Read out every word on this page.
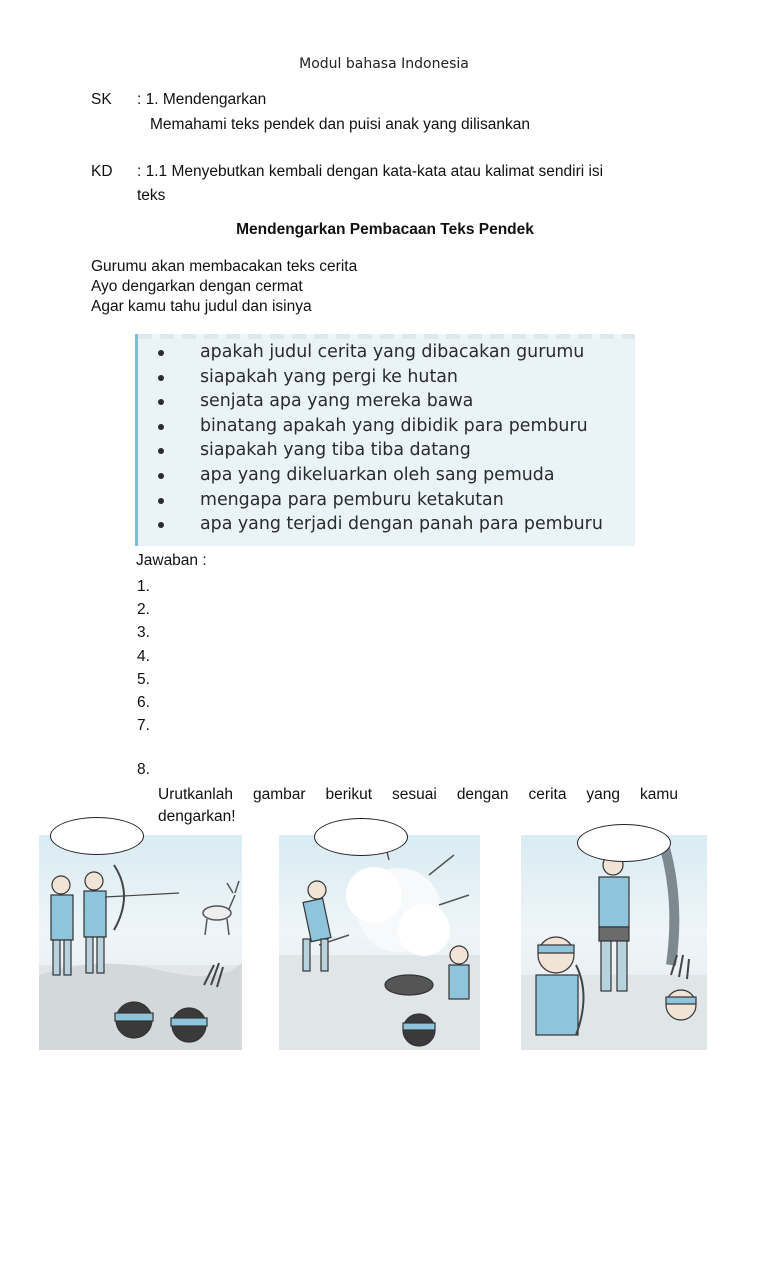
Modul bahasa Indonesia
SK : 1. Mendengarkan
Memahami teks pendek dan puisi anak yang dilisankan
KD : 1.1 Menyebutkan kembali dengan kata-kata atau kalimat sendiri isi
teks
Mendengarkan Pembacaan Teks Pendek
Gurumu akan membacakan teks cerita
Ayo dengarkan dengan cermat
Agar kamu tahu judul dan isinya
apakah judul cerita yang dibacakan gurumu
siapakah yang pergi ke hutan
senjata apa yang mereka bawa
binatang apakah yang dibidik para pemburu
siapakah yang tiba tiba datang
apa yang dikeluarkan oleh sang pemuda
mengapa para pemburu ketakutan
apa yang terjadi dengan panah para pemburu
Jawaban :
1.
2.
3.
4.
5.
6.
7.
8.
Urutkanlah gambar berikut sesuai dengan cerita yang kamu
dengarkan!
